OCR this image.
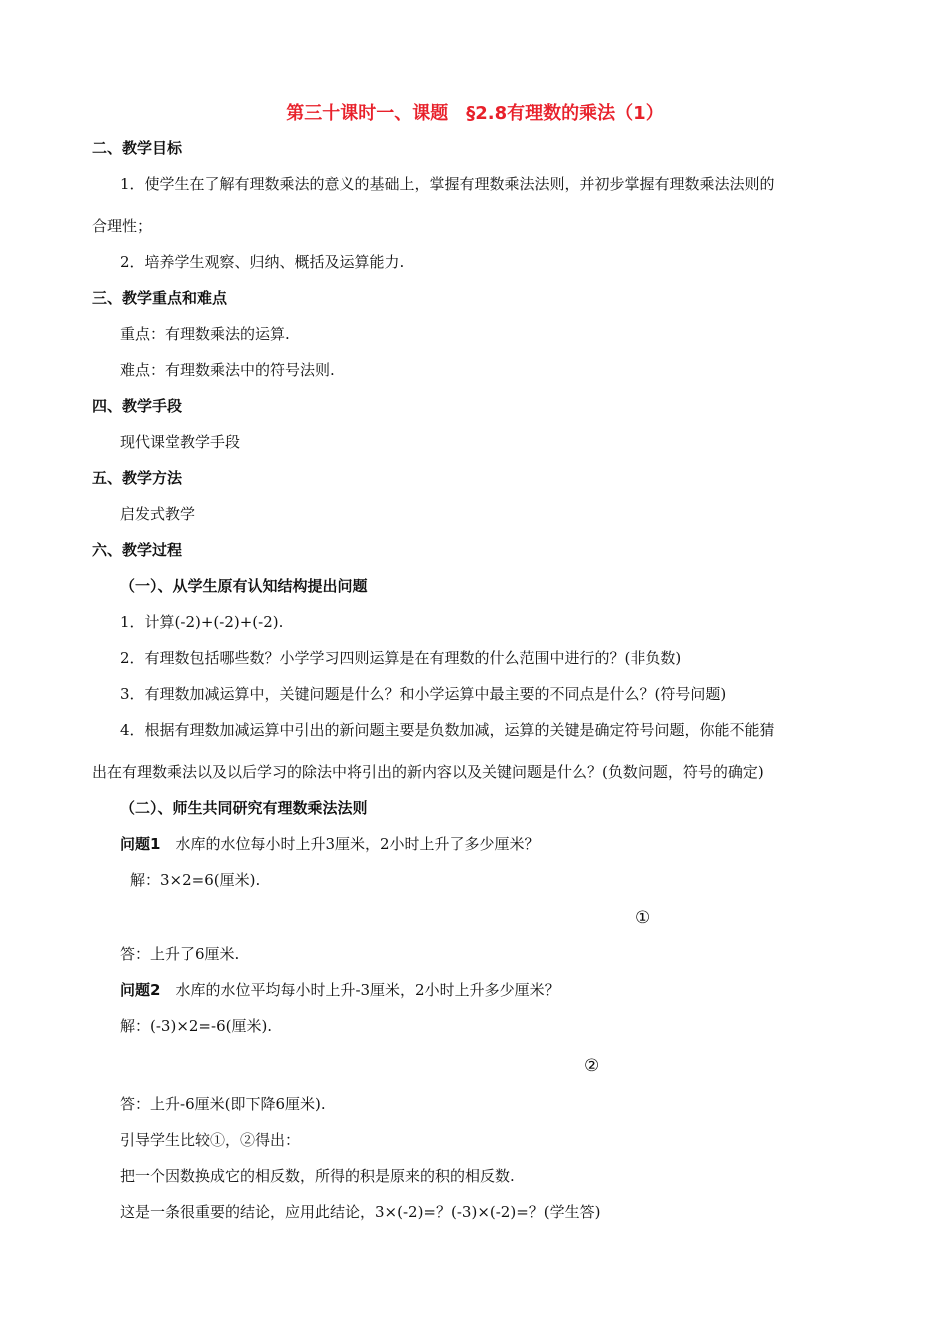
第三十课时一、课题　§2.8有理数的乘法（1）
二、教学目标
1．使学生在了解有理数乘法的意义的基础上，掌握有理数乘法法则，并初步掌握有理数乘法法则的
合理性；
2．培养学生观察、归纳、概括及运算能力.
三、教学重点和难点
重点：有理数乘法的运算.
难点：有理数乘法中的符号法则.
四、教学手段
现代课堂教学手段
五、教学方法
启发式教学
六、教学过程
（一）、从学生原有认知结构提出问题
1．计算(-2)+(-2)+(-2).
2．有理数包括哪些数？小学学习四则运算是在有理数的什么范围中进行的？(非负数)
3．有理数加减运算中，关键问题是什么？和小学运算中最主要的不同点是什么？(符号问题)
4．根据有理数加减运算中引出的新问题主要是负数加减，运算的关键是确定符号问题，你能不能猜
出在有理数乘法以及以后学习的除法中将引出的新内容以及关键问题是什么？(负数问题，符号的确定)
（二）、师生共同研究有理数乘法法则
问题1　水库的水位每小时上升3厘米，2小时上升了多少厘米？
解：3×2=6(厘米).
①
答：上升了6厘米.
问题2　水库的水位平均每小时上升-3厘米，2小时上升多少厘米？
解：(-3)×2=-6(厘米).
②
答：上升-6厘米(即下降6厘米).
引导学生比较①，②得出：
把一个因数换成它的相反数，所得的积是原来的积的相反数.
这是一条很重要的结论，应用此结论，3×(-2)=？(-3)×(-2)=？(学生答)
